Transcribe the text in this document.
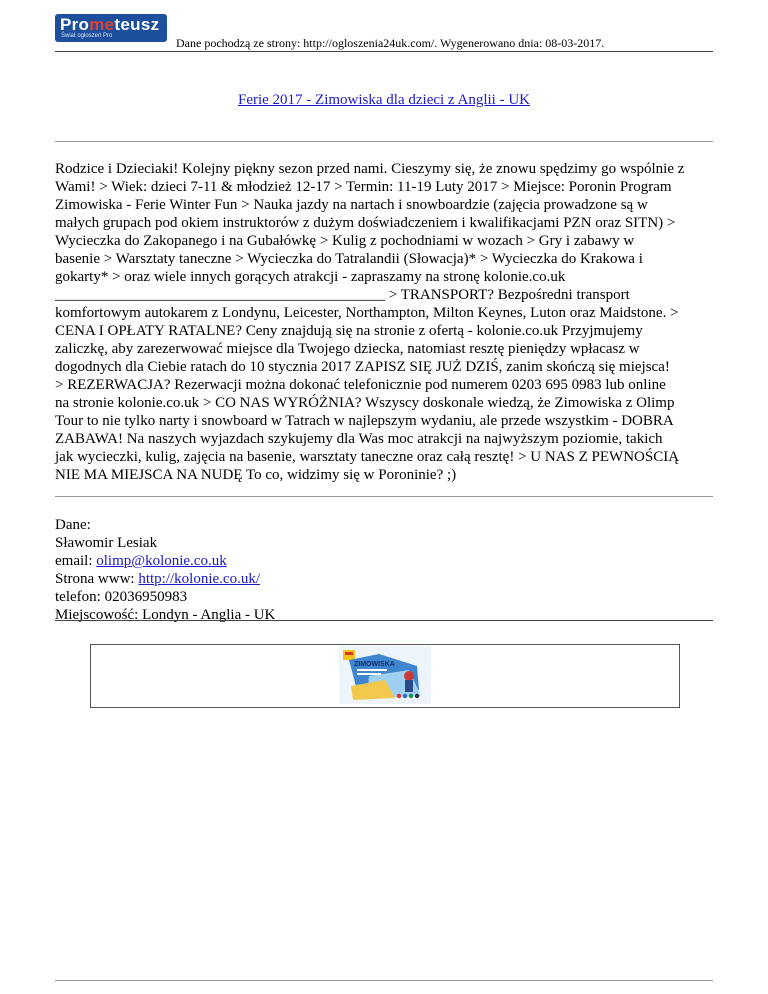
Prometeusz
Świat ogłoszeń Pro	Dane pochodzą ze strony: http://ogloszenia24uk.com/. Wygenerowano dnia: 08-03-2017.
Ferie 2017 - Zimowiska dla dzieci z Anglii - UK
Rodzice i Dzieciaki! Kolejny piękny sezon przed nami. Cieszymy się, że znowu spędzimy go wspólnie z
Wami! > Wiek: dzieci 7-11 & młodzież 12-17 > Termin: 11-19 Luty 2017 > Miejsce: Poronin Program
Zimowiska - Ferie Winter Fun > Nauka jazdy na nartach i snowboardzie (zajęcia prowadzone są w
małych grupach pod okiem instruktorów z dużym doświadczeniem i kwalifikacjami PZN oraz SITN) >
Wycieczka do Zakopanego i na Gubałówkę > Kulig z pochodniami w wozach > Gry i zabawy w
basenie > Warsztaty taneczne > Wycieczka do Tatralandii (Słowacja)* > Wycieczka do Krakowa i
gokarty* > oraz wiele innych gorących atrakcji - zapraszamy na stronę kolonie.co.uk
____________________________________________ > TRANSPORT? Bezpośredni transport
komfortowym autokarem z Londynu, Leicester, Northampton, Milton Keynes, Luton oraz Maidstone. >
CENA I OPŁATY RATALNE? Ceny znajdują się na stronie z ofertą - kolonie.co.uk Przyjmujemy
zaliczkę, aby zarezerwować miejsce dla Twojego dziecka, natomiast resztę pieniędzy wpłacasz w
dogodnych dla Ciebie ratach do 10 stycznia 2017 ZAPISZ SIĘ JUŻ DZIŚ, zanim skończą się miejsca!
> REZERWACJA? Rezerwacji można dokonać telefonicznie pod numerem 0203 695 0983 lub online
na stronie kolonie.co.uk > CO NAS WYRÓŻNIA? Wszyscy doskonale wiedzą, że Zimowiska z Olimp
Tour to nie tylko narty i snowboard w Tatrach w najlepszym wydaniu, ale przede wszystkim - DOBRA
ZABAWA! Na naszych wyjazdach szykujemy dla Was moc atrakcji na najwyższym poziomie, takich
jak wycieczki, kulig, zajęcia na basenie, warsztaty taneczne oraz całą resztę! > U NAS Z PEWNOŚCIĄ
NIE MA MIEJSCA NA NUDĘ To co, widzimy się w Poroninie? ;)
Dane:
Sławomir Lesiak
email: olimp@kolonie.co.uk
Strona www: http://kolonie.co.uk/
telefon: 02036950983
Miejscowość: Londyn - Anglia - UK
ZIMOWISKA
